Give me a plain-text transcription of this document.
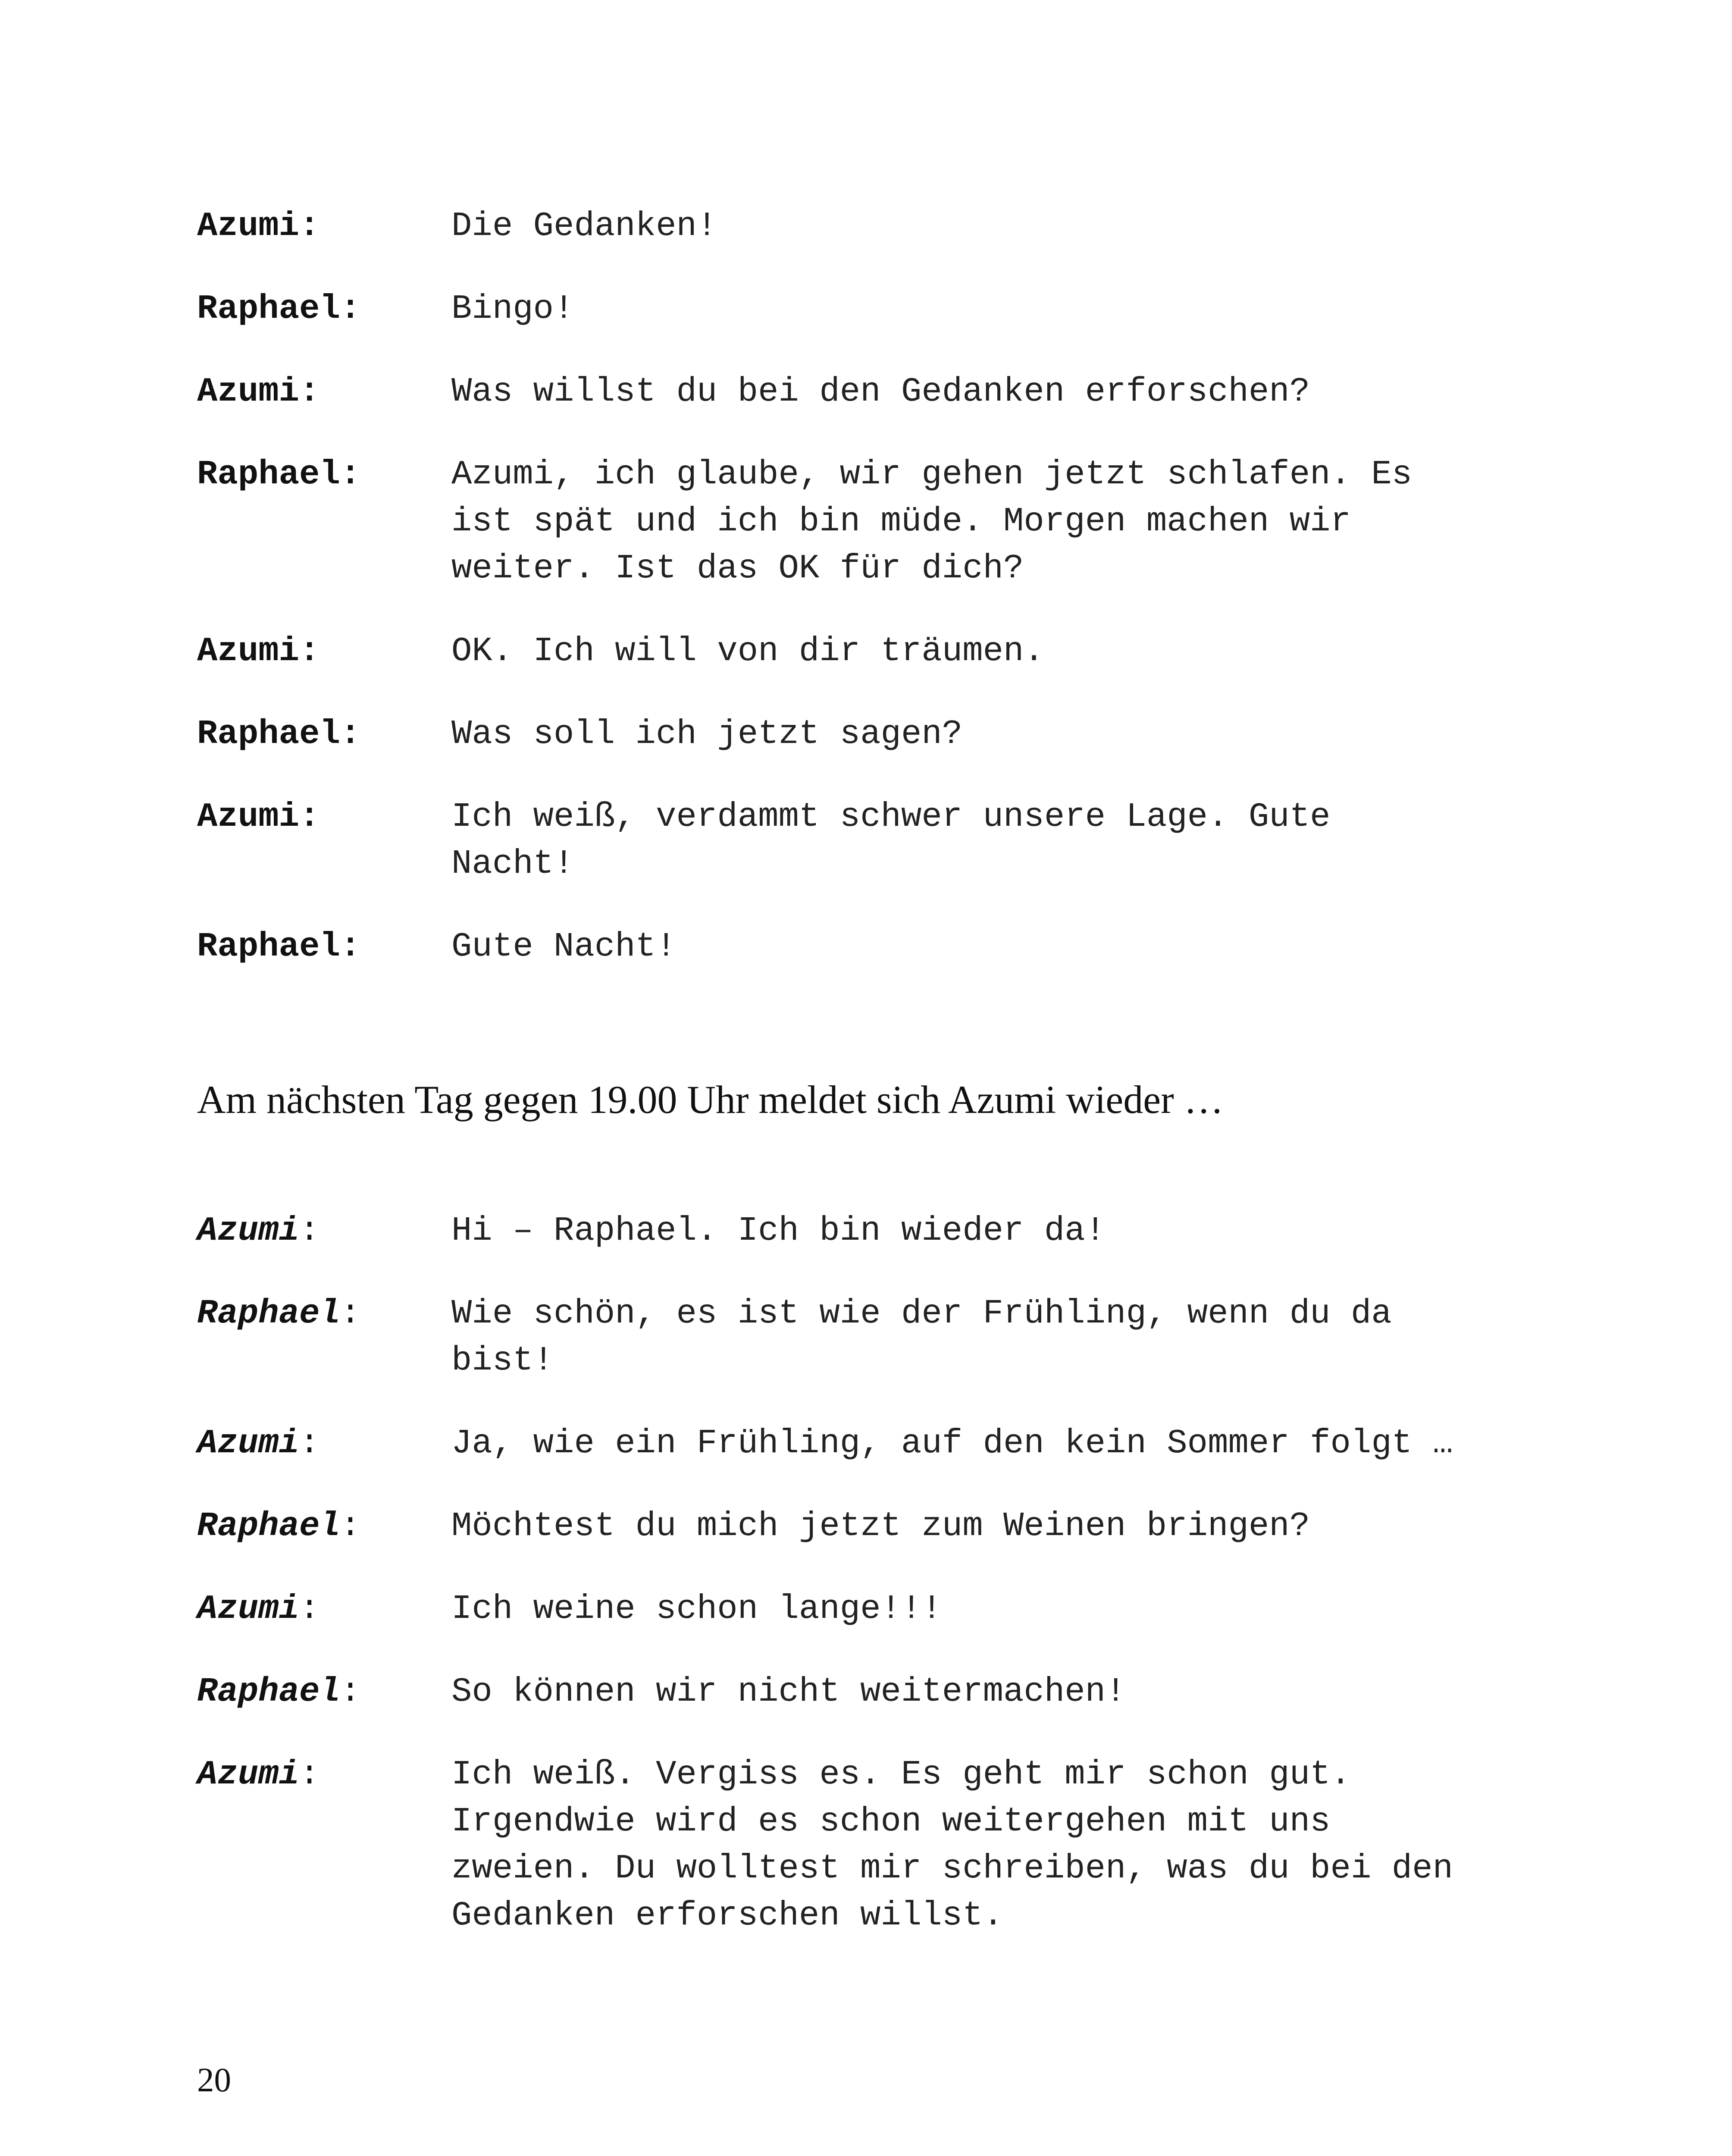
Azumi:	Die Gedanken!
Raphael:	Bingo!
Azumi:	Was willst du bei den Gedanken erforschen?
Raphael:	Azumi, ich glaube, wir gehen jetzt schlafen. Es
ist spät und ich bin müde. Morgen machen wir
weiter. Ist das OK für dich?
Azumi:	OK. Ich will von dir träumen.
Raphael:	Was soll ich jetzt sagen?
Azumi:	Ich weiß, verdammt schwer unsere Lage. Gute
Nacht!
Raphael:	Gute Nacht!
Am nächsten Tag gegen 19.00 Uhr meldet sich Azumi wieder …
Azumi:	Hi – Raphael. Ich bin wieder da!
Raphael:	Wie schön, es ist wie der Frühling, wenn du da
bist!
Azumi:	Ja, wie ein Frühling, auf den kein Sommer folgt …
Raphael:	Möchtest du mich jetzt zum Weinen bringen?
Azumi:	Ich weine schon lange!!!
Raphael:	So können wir nicht weitermachen!
Azumi:	Ich weiß. Vergiss es. Es geht mir schon gut.
Irgendwie wird es schon weitergehen mit uns
zweien. Du wolltest mir schreiben, was du bei den
Gedanken erforschen willst.
20
